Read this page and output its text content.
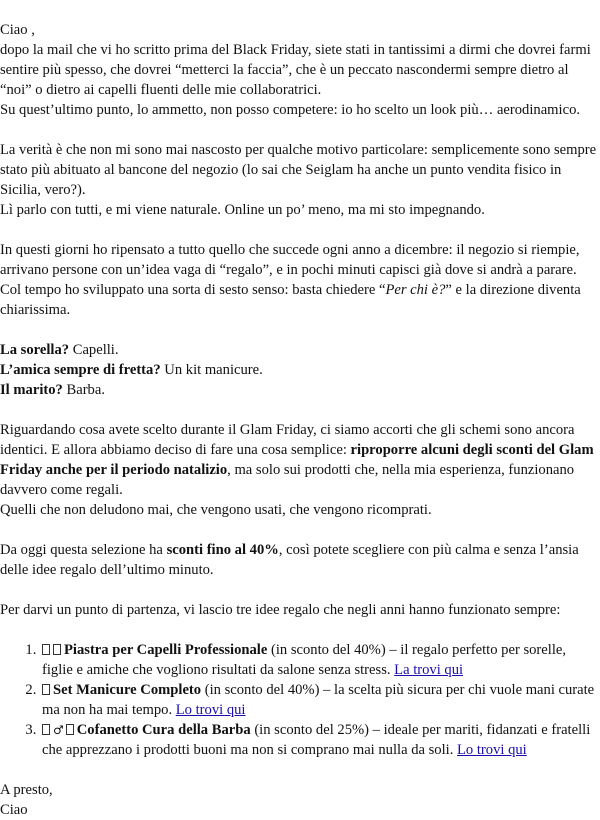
Ciao ,
dopo la mail che vi ho scritto prima del Black Friday, siete stati in tantissimi a dirmi che dovrei farmi sentire più spesso, che dovrei “metterci la faccia”, che è un peccato nascondermi sempre dietro al “noi” o dietro ai capelli fluenti delle mie collaboratrici.
Su quest’ultimo punto, lo ammetto, non posso competere: io ho scelto un look più… aerodinamico.

La verità è che non mi sono mai nascosto per qualche motivo particolare: semplicemente sono sempre stato più abituato al bancone del negozio (lo sai che Seiglam ha anche un punto vendita fisico in Sicilia, vero?).
Lì parlo con tutti, e mi viene naturale. Online un po’ meno, ma mi sto impegnando.

In questi giorni ho ripensato a tutto quello che succede ogni anno a dicembre: il negozio si riempie, arrivano persone con un’idea vaga di “regalo”, e in pochi minuti capisci già dove si andrà a parare. Col tempo ho sviluppato una sorta di sesto senso: basta chiedere “Per chi è?” e la direzione diventa chiarissima.

La sorella? Capelli.
L’amica sempre di fretta? Un kit manicure.
Il marito? Barba.

Riguardando cosa avete scelto durante il Glam Friday, ci siamo accorti che gli schemi sono ancora identici. E allora abbiamo deciso di fare una cosa semplice: riproporre alcuni degli sconti del Glam Friday anche per il periodo natalizio, ma solo sui prodotti che, nella mia esperienza, funzionano davvero come regali.
Quelli che non deludono mai, che vengono usati, che vengono ricomprati.

Da oggi questa selezione ha sconti fino al 40%, così potete scegliere con più calma e senza l’ansia delle idee regalo dell’ultimo minuto.

Per darvi un punto di partenza, vi lascio tre idee regalo che negli anni hanno funzionato sempre:

1. Piastra per Capelli Professionale (in sconto del 40%) – il regalo perfetto per sorelle, figlie e amiche che vogliono risultati da salone senza stress. La trovi qui
2. Set Manicure Completo (in sconto del 40%) – la scelta più sicura per chi vuole mani curate ma non ha mai tempo. Lo trovi qui
3. ♂ Cofanetto Cura della Barba (in sconto del 25%) – ideale per mariti, fidanzati e fratelli che apprezzano i prodotti buoni ma non si comprano mai nulla da soli. Lo trovi qui

A presto,
Ciao
